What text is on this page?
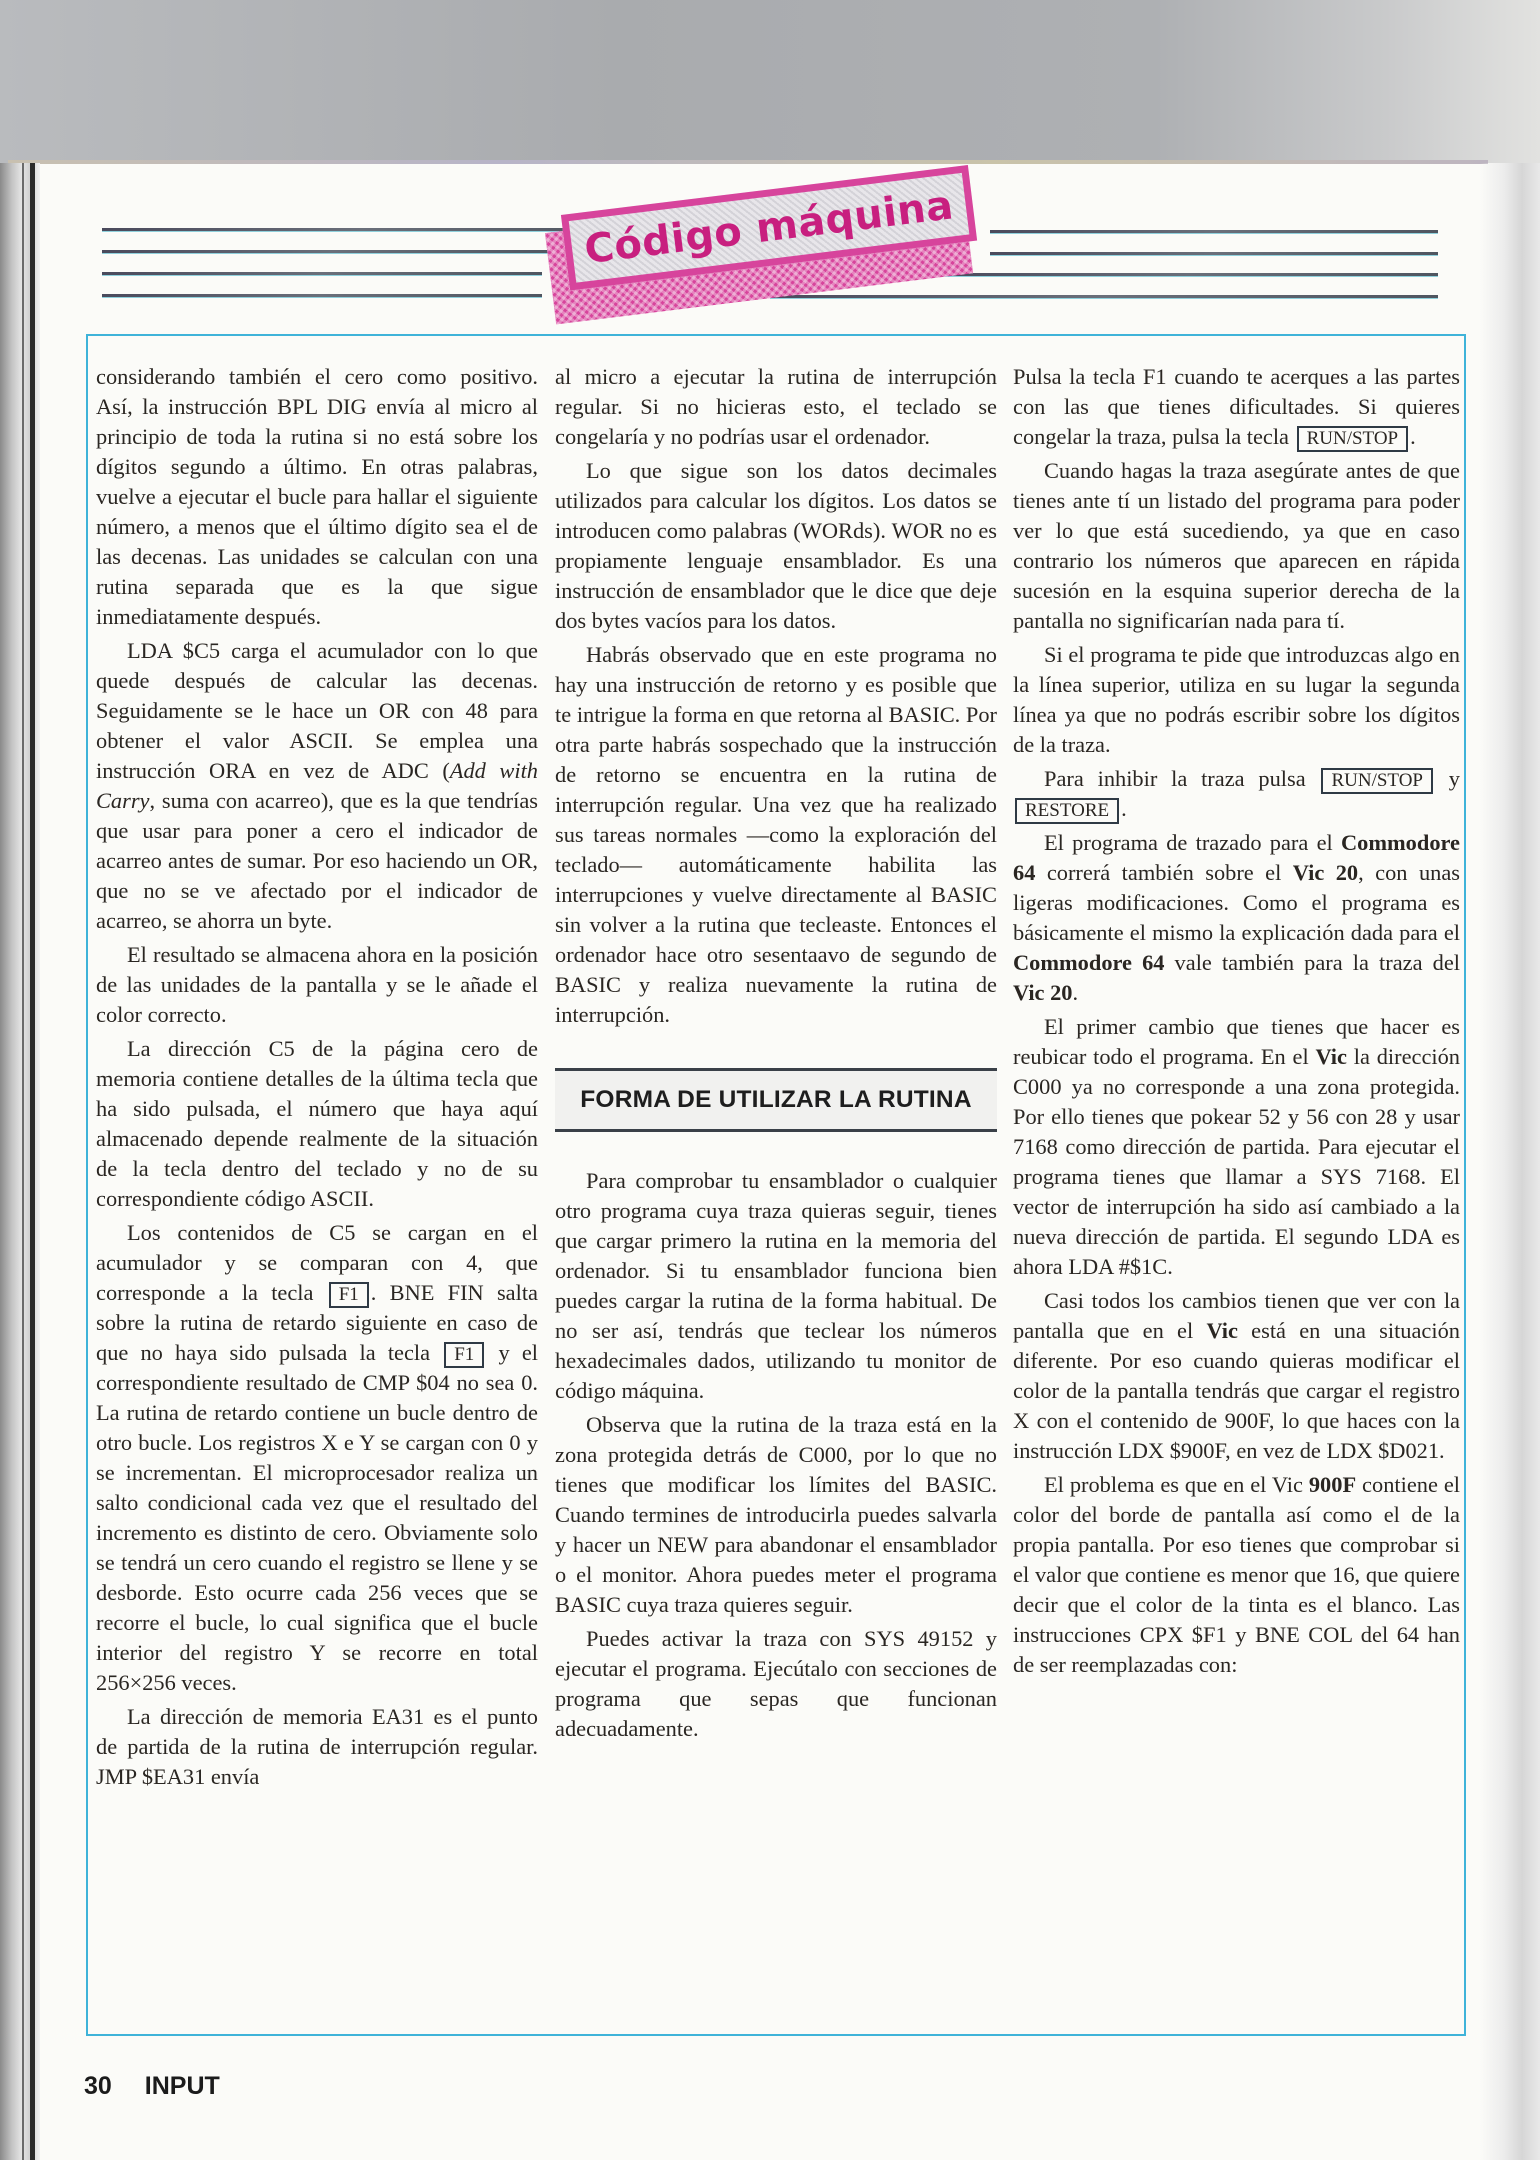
Código máquina

considerando también el cero como positivo. Así, la instrucción BPL DIG envía al micro al principio de toda la rutina si no está sobre los dígitos segundo a último. En otras palabras, vuelve a ejecutar el bucle para hallar el siguiente número, a menos que el último dígito sea el de las decenas. Las unidades se calculan con una rutina separada que es la que sigue inmediatamente después.

LDA $C5 carga el acumulador con lo que quede después de calcular las decenas. Seguidamente se le hace un OR con 48 para obtener el valor ASCII. Se emplea una instrucción ORA en vez de ADC (Add with Carry, suma con acarreo), que es la que tendrías que usar para poner a cero el indicador de acarreo antes de sumar. Por eso haciendo un OR, que no se ve afectado por el indicador de acarreo, se ahorra un byte.

El resultado se almacena ahora en la posición de las unidades de la pantalla y se le añade el color correcto.

La dirección C5 de la página cero de memoria contiene detalles de la última tecla que ha sido pulsada, el número que haya aquí almacenado depende realmente de la situación de la tecla dentro del teclado y no de su correspondiente código ASCII.

Los contenidos de C5 se cargan en el acumulador y se comparan con 4, que corresponde a la tecla F1 . BNE FIN salta sobre la rutina de retardo siguiente en caso de que no haya sido pulsada la tecla F1 y el correspondiente resultado de CMP $04 no sea 0. La rutina de retardo contiene un bucle dentro de otro bucle. Los registros X e Y se cargan con 0 y se incrementan. El microprocesador realiza un salto condicional cada vez que el resultado del incremento es distinto de cero. Obviamente solo se tendrá un cero cuando el registro se llene y se desborde. Esto ocurre cada 256 veces que se recorre el bucle, lo cual significa que el bucle interior del registro Y se recorre en total 256×256 veces.

La dirección de memoria EA31 es el punto de partida de la rutina de interrupción regular. JMP $EA31 envía

al micro a ejecutar la rutina de interrupción regular. Si no hicieras esto, el teclado se congelaría y no podrías usar el ordenador.

Lo que sigue son los datos decimales utilizados para calcular los dígitos. Los datos se introducen como palabras (WORds). WOR no es propiamente lenguaje ensamblador. Es una instrucción de ensamblador que le dice que deje dos bytes vacíos para los datos.

Habrás observado que en este programa no hay una instrucción de retorno y es posible que te intrigue la forma en que retorna al BASIC. Por otra parte habrás sospechado que la instrucción de retorno se encuentra en la rutina de interrupción regular. Una vez que ha realizado sus tareas normales —como la exploración del teclado— automáticamente habilita las interrupciones y vuelve directamente al BASIC sin volver a la rutina que tecleaste. Entonces el ordenador hace otro sesentaavo de segundo de BASIC y realiza nuevamente la rutina de interrupción.

FORMA DE UTILIZAR LA RUTINA

Para comprobar tu ensamblador o cualquier otro programa cuya traza quieras seguir, tienes que cargar primero la rutina en la memoria del ordenador. Si tu ensamblador funciona bien puedes cargar la rutina de la forma habitual. De no ser así, tendrás que teclear los números hexadecimales dados, utilizando tu monitor de código máquina.

Observa que la rutina de la traza está en la zona protegida detrás de C000, por lo que no tienes que modificar los límites del BASIC. Cuando termines de introducirla puedes salvarla y hacer un NEW para abandonar el ensamblador o el monitor. Ahora puedes meter el programa BASIC cuya traza quieres seguir.

Puedes activar la traza con SYS 49152 y ejecutar el programa. Ejecútalo con secciones de programa que sepas que funcionan adecuadamente.

Pulsa la tecla F1 cuando te acerques a las partes con las que tienes dificultades. Si quieres congelar la traza, pulsa la tecla RUN/STOP .

Cuando hagas la traza asegúrate antes de que tienes ante tí un listado del programa para poder ver lo que está sucediendo, ya que en caso contrario los números que aparecen en rápida sucesión en la esquina superior derecha de la pantalla no significarían nada para tí.

Si el programa te pide que introduzcas algo en la línea superior, utiliza en su lugar la segunda línea ya que no podrás escribir sobre los dígitos de la traza.

Para inhibir la traza pulsa RUN/STOP y RESTORE .

El programa de trazado para el Commodore 64 correrá también sobre el Vic 20, con unas ligeras modificaciones. Como el programa es básicamente el mismo la explicación dada para el Commodore 64 vale también para la traza del Vic 20.

El primer cambio que tienes que hacer es reubicar todo el programa. En el Vic la dirección C000 ya no corresponde a una zona protegida. Por ello tienes que pokear 52 y 56 con 28 y usar 7168 como dirección de partida. Para ejecutar el programa tienes que llamar a SYS 7168. El vector de interrupción ha sido así cambiado a la nueva dirección de partida. El segundo LDA es ahora LDA #$1C.

Casi todos los cambios tienen que ver con la pantalla que en el Vic está en una situación diferente. Por eso cuando quieras modificar el color de la pantalla tendrás que cargar el registro X con el contenido de 900F, lo que haces con la instrucción LDX $900F, en vez de LDX $D021.

El problema es que en el Vic 900F contiene el color del borde de pantalla así como el de la propia pantalla. Por eso tienes que comprobar si el valor que contiene es menor que 16, que quiere decir que el color de la tinta es el blanco. Las instrucciones CPX $F1 y BNE COL del 64 han de ser reemplazadas con:

30 INPUT
